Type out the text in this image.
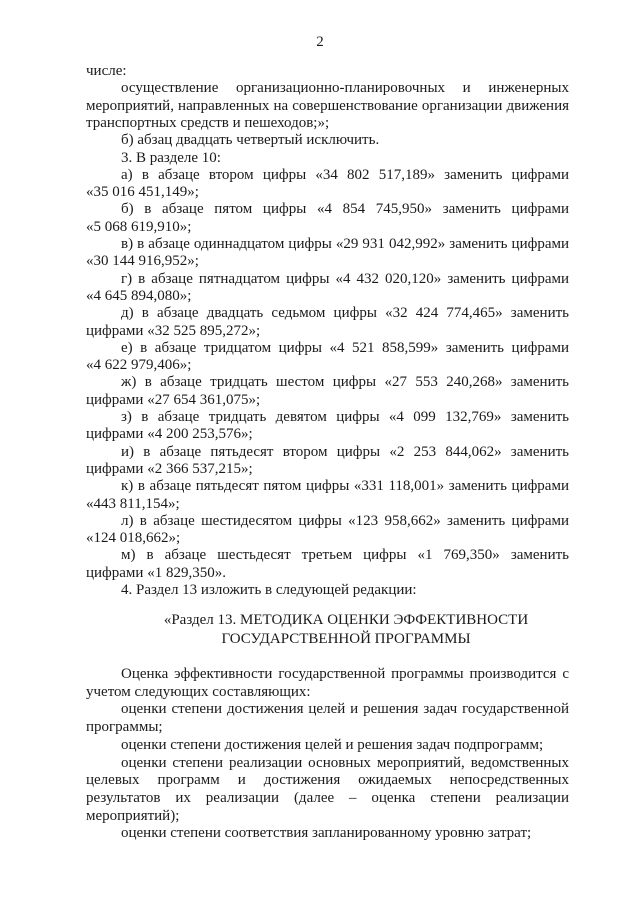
2
числе:
осуществление организационно-планировочных и инженерных
мероприятий, направленных на совершенствование организации движения
транспортных средств и пешеходов;»;
б) абзац двадцать четвертый исключить.
3. В разделе 10:
а) в абзаце втором цифры «34 802 517,189» заменить цифрами
«35 016 451,149»;
б) в абзаце пятом цифры «4 854 745,950» заменить цифрами
«5 068 619,910»;
в) в абзаце одиннадцатом цифры «29 931 042,992» заменить цифрами
«30 144 916,952»;
г) в абзаце пятнадцатом цифры «4 432 020,120» заменить цифрами
«4 645 894,080»;
д) в абзаце двадцать седьмом цифры «32 424 774,465» заменить
цифрами «32 525 895,272»;
е) в абзаце тридцатом цифры «4 521 858,599» заменить цифрами
«4 622 979,406»;
ж) в абзаце тридцать шестом цифры «27 553 240,268» заменить
цифрами «27 654 361,075»;
з) в абзаце тридцать девятом цифры «4 099 132,769» заменить
цифрами «4 200 253,576»;
и) в абзаце пятьдесят втором цифры «2 253 844,062» заменить
цифрами «2 366 537,215»;
к) в абзаце пятьдесят пятом цифры «331 118,001» заменить цифрами
«443 811,154»;
л) в абзаце шестидесятом цифры «123 958,662» заменить цифрами
«124 018,662»;
м) в абзаце шестьдесят третьем цифры «1 769,350» заменить
цифрами «1 829,350».
4. Раздел 13 изложить в следующей редакции:
«Раздел 13. МЕТОДИКА ОЦЕНКИ ЭФФЕКТИВНОСТИ
ГОСУДАРСТВЕННОЙ ПРОГРАММЫ
Оценка эффективности государственной программы производится с
учетом следующих составляющих:
оценки степени достижения целей и решения задач государственной
программы;
оценки степени достижения целей и решения задач подпрограмм;
оценки степени реализации основных мероприятий, ведомственных
целевых программ и достижения ожидаемых непосредственных
результатов их реализации (далее – оценка степени реализации
мероприятий);
оценки степени соответствия запланированному уровню затрат;
